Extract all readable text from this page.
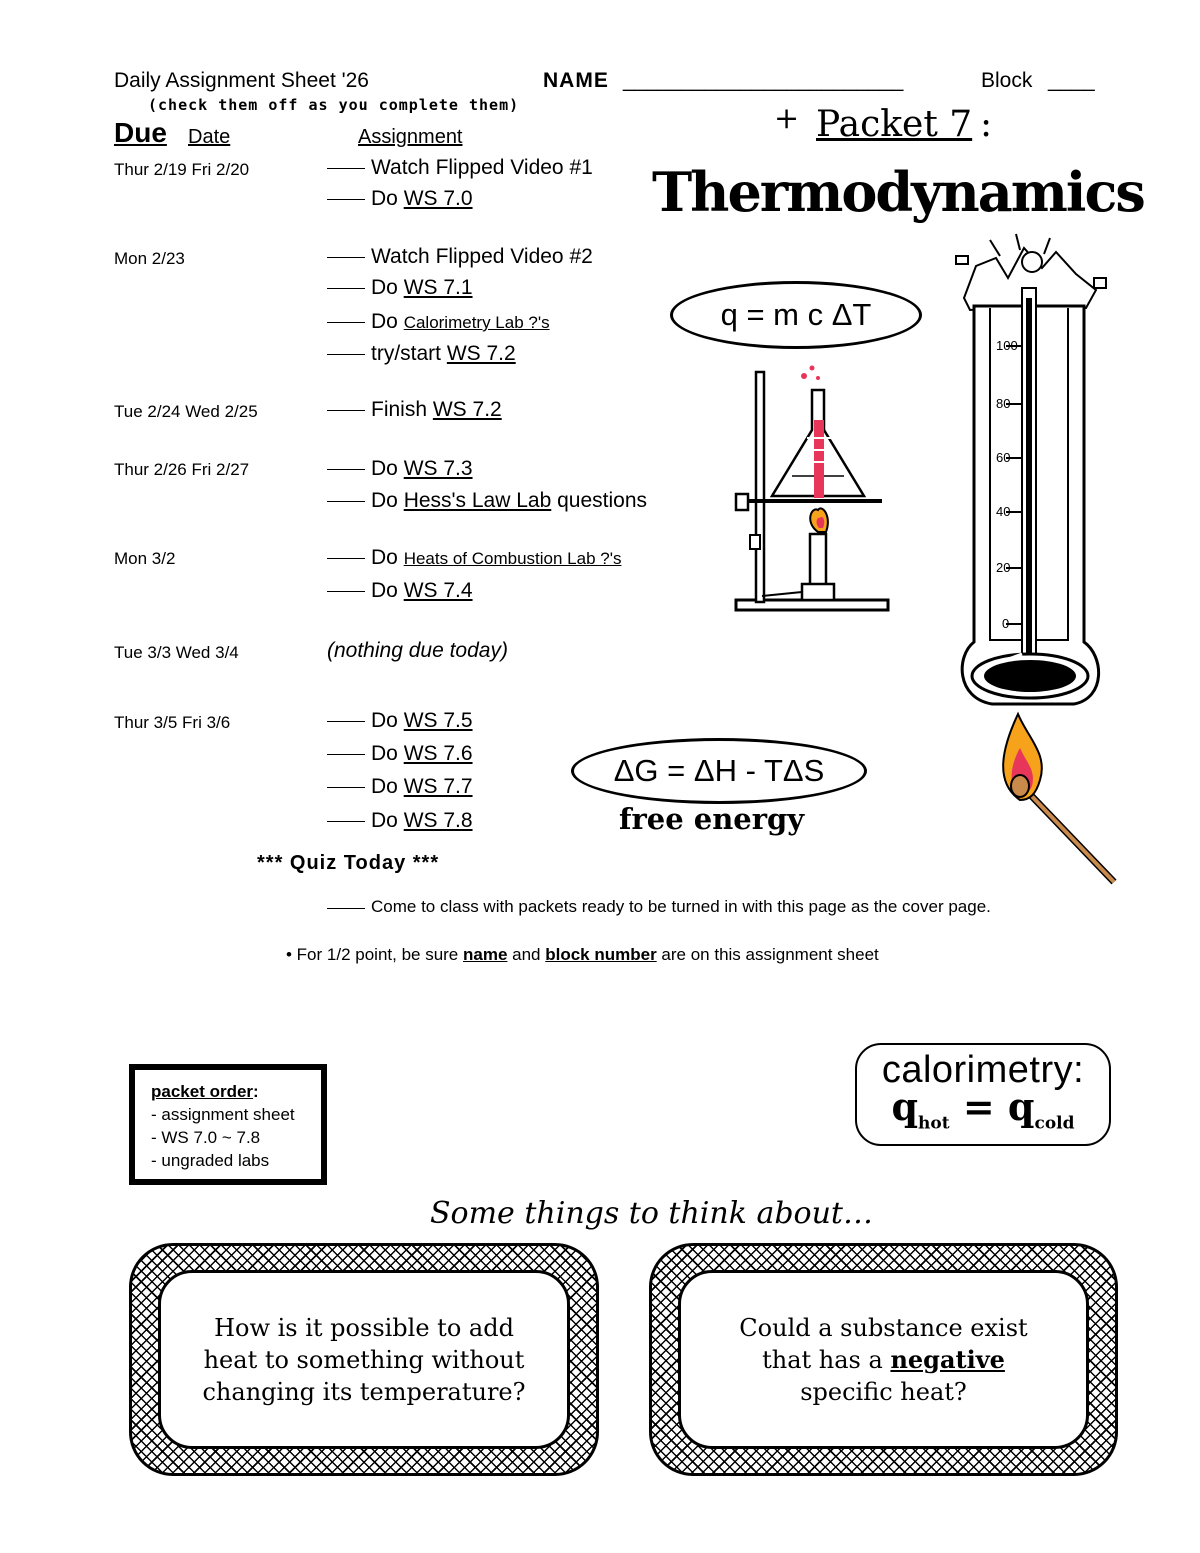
Daily Assignment Sheet '26	NAME ________________________	Block ____
(check them off as you complete them)
Due Date	Assignment
+ Packet 7 :
Thermodynamics
Thur 2/19 Fri 2/20	Watch Flipped Video #1
Do WS 7.0
Mon 2/23	Watch Flipped Video #2
Do WS 7.1
Do Calorimetry Lab ?'s
try/start WS 7.2
Tue 2/24 Wed 2/25	Finish WS 7.2
Thur 2/26 Fri 2/27	Do WS 7.3
Do Hess's Law Lab questions
Mon 3/2	Do Heats of Combustion Lab ?'s
Do WS 7.4
Tue 3/3 Wed 3/4	(nothing due today)
Thur 3/5 Fri 3/6	Do WS 7.5
Do WS 7.6
Do WS 7.7
Do WS 7.8
*** Quiz Today ***
Come to class with packets ready to be turned in with this page as the cover page.
• For 1/2 point, be sure name and block number are on this assignment sheet
q = m c ΔT
100
80
60
40
20
0
ΔG = ΔH - TΔS
free energy
packet order:
- assignment sheet
- WS 7.0 ~ 7.8
- ungraded labs
calorimetry:
$q_{hot} = q_{cold}$
Some things to think about…
How is it possible to add heat to something without changing its temperature?
Could a substance exist that has a negative specific heat?
